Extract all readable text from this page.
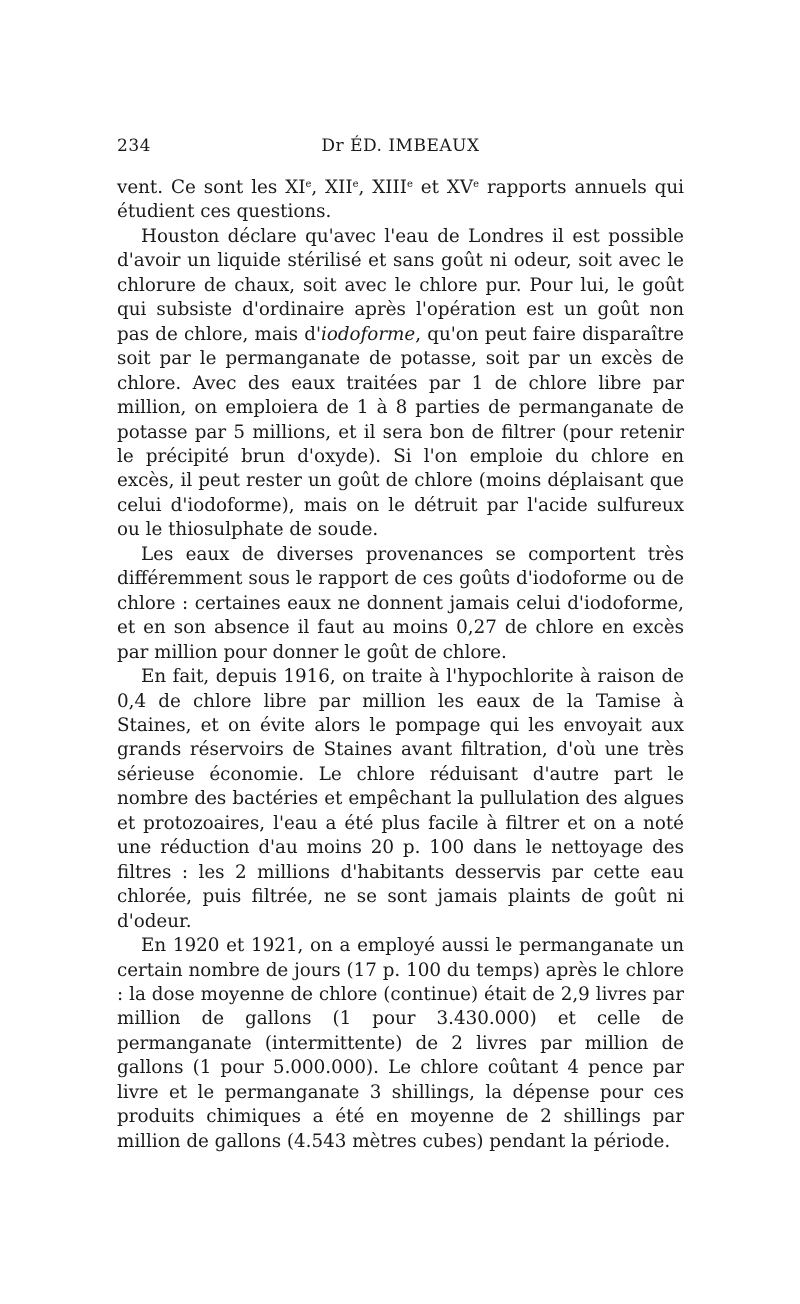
234	Dr ÉD. IMBEAUX

vent. Ce sont les XIe, XIIe, XIIIe et XVe rapports annuels qui étudient ces questions.

Houston déclare qu'avec l'eau de Londres il est possible d'avoir un liquide stérilisé et sans goût ni odeur, soit avec le chlorure de chaux, soit avec le chlore pur. Pour lui, le goût qui subsiste d'ordinaire après l'opération est un goût non pas de chlore, mais d'iodoforme, qu'on peut faire disparaître soit par le permanganate de potasse, soit par un excès de chlore. Avec des eaux traitées par 1 de chlore libre par million, on emploiera de 1 à 8 parties de permanganate de potasse par 5 millions, et il sera bon de filtrer (pour retenir le précipité brun d'oxyde). Si l'on emploie du chlore en excès, il peut rester un goût de chlore (moins déplaisant que celui d'iodoforme), mais on le détruit par l'acide sulfureux ou le thiosulphate de soude.

Les eaux de diverses provenances se comportent très différemment sous le rapport de ces goûts d'iodoforme ou de chlore : certaines eaux ne donnent jamais celui d'iodoforme, et en son absence il faut au moins 0,27 de chlore en excès par million pour donner le goût de chlore.

En fait, depuis 1916, on traite à l'hypochlorite à raison de 0,4 de chlore libre par million les eaux de la Tamise à Staines, et on évite alors le pompage qui les envoyait aux grands réservoirs de Staines avant filtration, d'où une très sérieuse économie. Le chlore réduisant d'autre part le nombre des bactéries et empêchant la pullulation des algues et protozoaires, l'eau a été plus facile à filtrer et on a noté une réduction d'au moins 20 p. 100 dans le nettoyage des filtres : les 2 millions d'habitants desservis par cette eau chlorée, puis filtrée, ne se sont jamais plaints de goût ni d'odeur.

En 1920 et 1921, on a employé aussi le permanganate un certain nombre de jours (17 p. 100 du temps) après le chlore : la dose moyenne de chlore (continue) était de 2,9 livres par million de gallons (1 pour 3.430.000) et celle de permanganate (intermittente) de 2 livres par million de gallons (1 pour 5.000.000). Le chlore coûtant 4 pence par livre et le permanganate 3 shillings, la dépense pour ces produits chimiques a été en moyenne de 2 shillings par million de gallons (4.543 mètres cubes) pendant la période.
